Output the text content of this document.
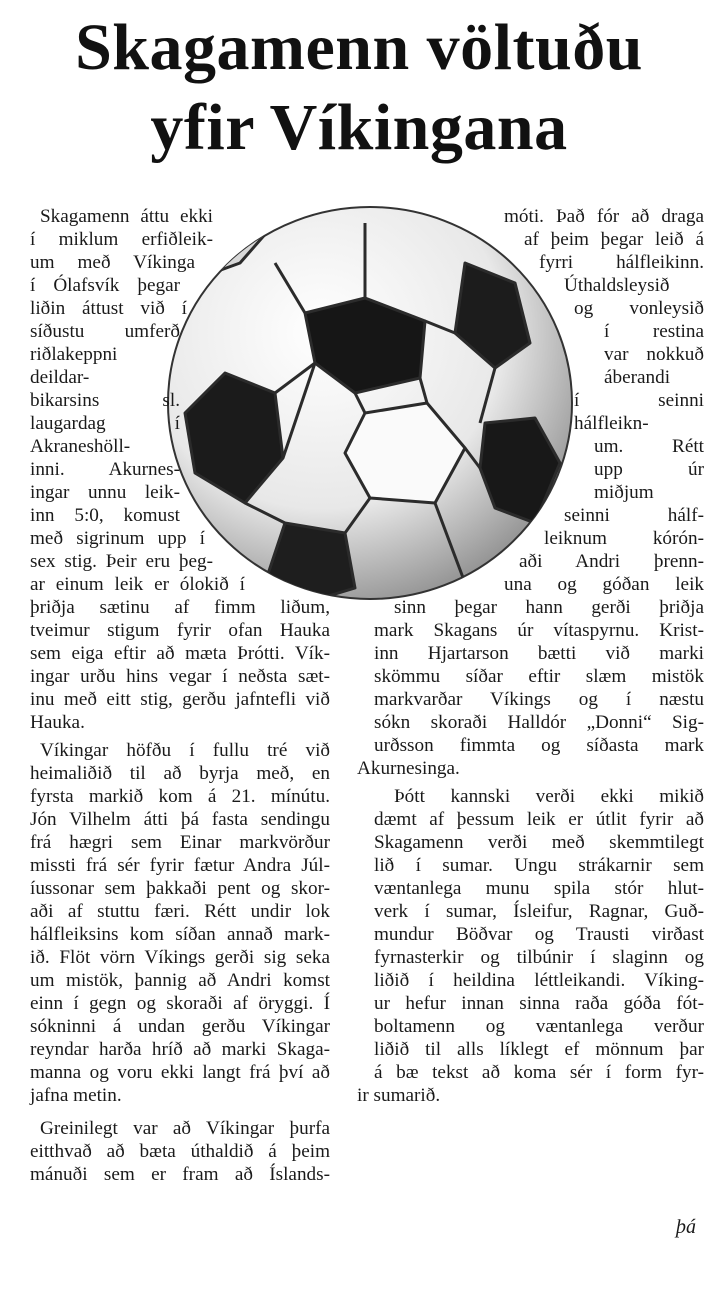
Skagamenn völtuðu
yfir Víkingana
Skagamenn áttu ekki
í miklum erfiðleik-
um með Víkinga
í Ólafsvík þegar
liðin áttust við í
síðustu umferð
riðlakeppni
deildar-
bikarsins sl.
laugardag í
Akraneshöll-
inni. Akurnes-
ingar unnu leik-
inn 5:0, komust
með sigrinum upp í
sex stig. Þeir eru þeg-
ar einum leik er ólokið í
þriðja sætinu af fimm liðum,
tveimur stigum fyrir ofan Hauka
sem eiga eftir að mæta Þrótti. Vík-
ingar urðu hins vegar í neðsta sæt-
inu með eitt stig, gerðu jafntefli við
Hauka.
Víkingar höfðu í fullu tré við
heimaliðið til að byrja með, en
fyrsta markið kom á 21. mínútu.
Jón Vilhelm átti þá fasta sendingu
frá hægri sem Einar markvörður
missti frá sér fyrir fætur Andra Júl-
íussonar sem þakkaði pent og skor-
aði af stuttu færi. Rétt undir lok
hálfleiksins kom síðan annað mark-
ið. Flöt vörn Víkings gerði sig seka
um mistök, þannig að Andri komst
einn í gegn og skoraði af öryggi. Í
sókninni á undan gerðu Víkingar
reyndar harða hríð að marki Skaga-
manna og voru ekki langt frá því að
jafna metin.
Greinilegt var að Víkingar þurfa
eitthvað að bæta úthaldið á þeim
mánuði sem er fram að Íslands-
móti. Það fór að draga
af þeim þegar leið á
fyrri hálfleikinn.
Úthaldsleysið
og vonleysið
í restina
var nokkuð
áberandi
í seinni
hálfleikn-
um. Rétt
upp úr
miðjum
seinni hálf-
leiknum kórón-
aði Andri þrenn-
una og góðan leik
sinn þegar hann gerði þriðja
mark Skagans úr vítaspyrnu. Krist-
inn Hjartarson bætti við marki
skömmu síðar eftir slæm mistök
markvarðar Víkings og í næstu
sókn skoraði Halldór „Donni“ Sig-
urðsson fimmta og síðasta mark
Akurnesinga.
Þótt kannski verði ekki mikið
dæmt af þessum leik er útlit fyrir að
Skagamenn verði með skemmtilegt
lið í sumar. Ungu strákarnir sem
væntanlega munu spila stór hlut-
verk í sumar, Ísleifur, Ragnar, Guð-
mundur Böðvar og Trausti virðast
fyrnasterkir og tilbúnir í slaginn og
liðið í heildina léttleikandi. Víking-
ur hefur innan sinna raða góða fót-
boltamenn og væntanlega verður
liðið til alls líklegt ef mönnum þar
á bæ tekst að koma sér í form fyr-
ir sumarið.
þá
